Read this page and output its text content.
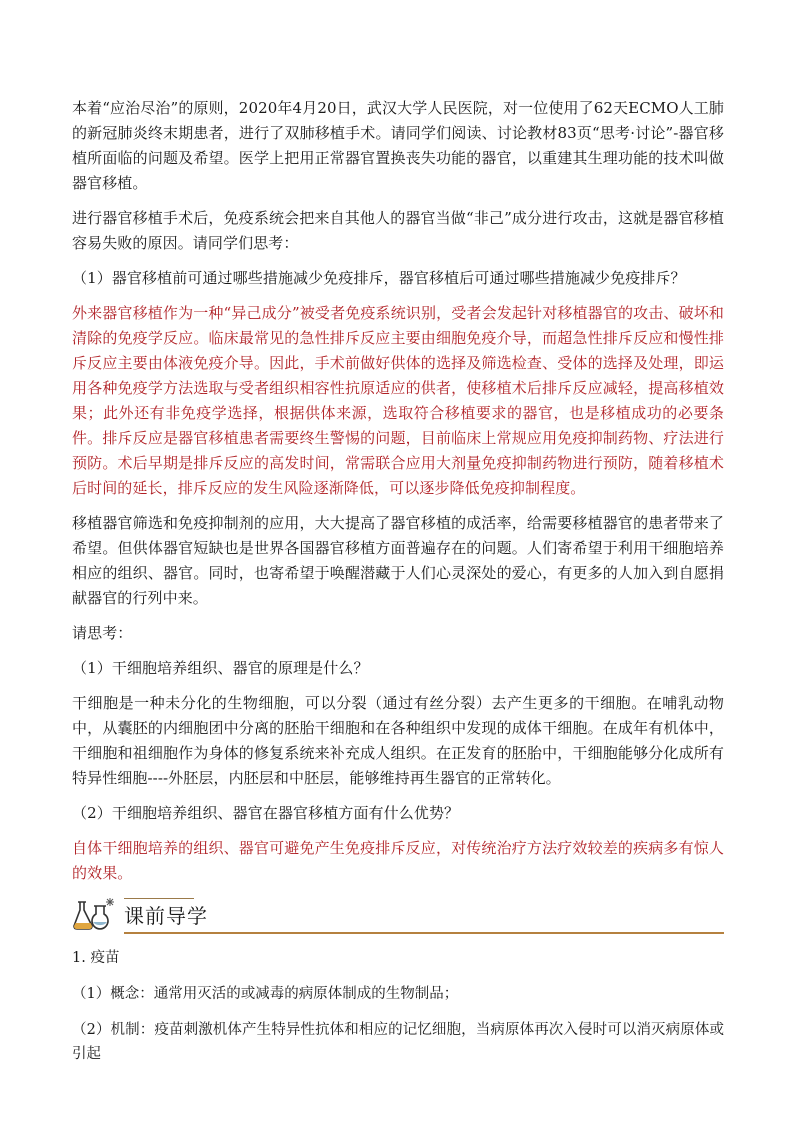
本着“应治尽治”的原则，2020年4月20日，武汉大学人民医院，对一位使用了62天ECMO人工肺的新冠肺炎终末期患者，进行了双肺移植手术。请同学们阅读、讨论教材83页“思考·讨论”-器官移植所面临的问题及希望。医学上把用正常器官置换丧失功能的器官，以重建其生理功能的技术叫做器官移植。

进行器官移植手术后，免疫系统会把来自其他人的器官当做“非己”成分进行攻击，这就是器官移植容易失败的原因。请同学们思考：

（1）器官移植前可通过哪些措施减少免疫排斥，器官移植后可通过哪些措施减少免疫排斥？

外来器官移植作为一种“异己成分”被受者免疫系统识别，受者会发起针对移植器官的攻击、破坏和清除的免疫学反应。临床最常见的急性排斥反应主要由细胞免疫介导，而超急性排斥反应和慢性排斥反应主要由体液免疫介导。因此，手术前做好供体的选择及筛选检查、受体的选择及处理，即运用各种免疫学方法选取与受者组织相容性抗原适应的供者，使移植术后排斥反应减轻，提高移植效果；此外还有非免疫学选择，根据供体来源，选取符合移植要求的器官，也是移植成功的必要条件。排斥反应是器官移植患者需要终生警惕的问题，目前临床上常规应用免疫抑制药物、疗法进行预防。术后早期是排斥反应的高发时间，常需联合应用大剂量免疫抑制药物进行预防，随着移植术后时间的延长，排斥反应的发生风险逐渐降低，可以逐步降低免疫抑制程度。

移植器官筛选和免疫抑制剂的应用，大大提高了器官移植的成活率，给需要移植器官的患者带来了希望。但供体器官短缺也是世界各国器官移植方面普遍存在的问题。人们寄希望于利用干细胞培养相应的组织、器官。同时，也寄希望于唤醒潜藏于人们心灵深处的爱心，有更多的人加入到自愿捐献器官的行列中来。

请思考：

（1）干细胞培养组织、器官的原理是什么？

干细胞是一种未分化的生物细胞，可以分裂（通过有丝分裂）去产生更多的干细胞。在哺乳动物中，从囊胚的内细胞团中分离的胚胎干细胞和在各种组织中发现的成体干细胞。在成年有机体中，干细胞和祖细胞作为身体的修复系统来补充成人组织。在正发育的胚胎中，干细胞能够分化成所有特异性细胞----外胚层，内胚层和中胚层，能够维持再生器官的正常转化。

（2）干细胞培养组织、器官在器官移植方面有什么优势？

自体干细胞培养的组织、器官可避免产生免疫排斥反应，对传统治疗方法疗效较差的疾病多有惊人的效果。

课前导学

1. 疫苗

（1）概念：通常用灭活的或减毒的病原体制成的生物制品；

（2）机制：疫苗刺激机体产生特异性抗体和相应的记忆细胞，当病原体再次入侵时可以消灭病原体或引起
